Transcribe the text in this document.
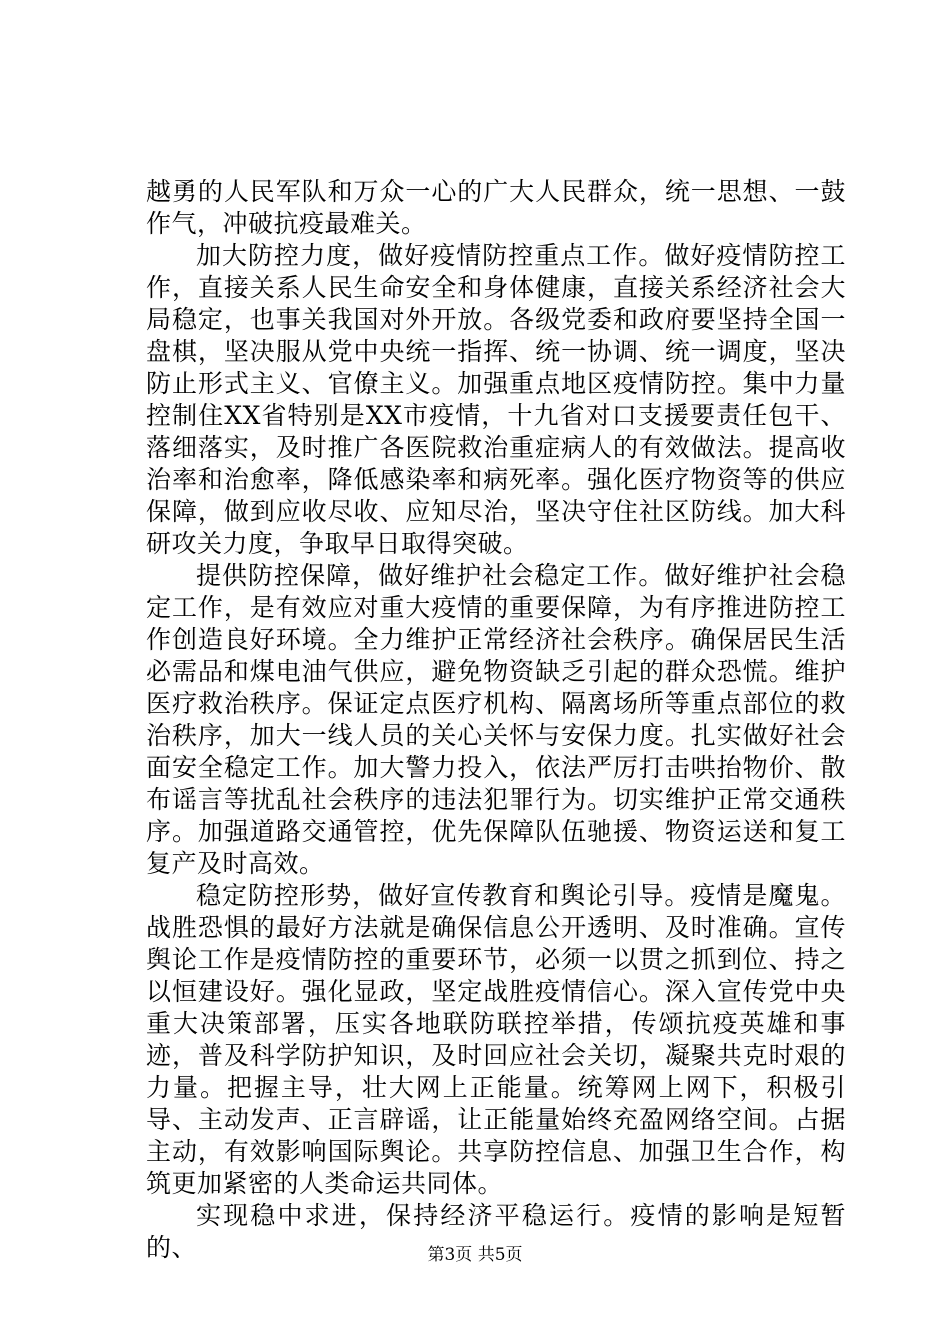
越勇的人民军队和万众一心的广大人民群众，统一思想、一鼓作气，冲破抗疫最难关。

加大防控力度，做好疫情防控重点工作。做好疫情防控工作，直接关系人民生命安全和身体健康，直接关系经济社会大局稳定，也事关我国对外开放。各级党委和政府要坚持全国一盘棋，坚决服从党中央统一指挥、统一协调、统一调度，坚决防止形式主义、官僚主义。加强重点地区疫情防控。集中力量控制住XX省特别是XX市疫情，十九省对口支援要责任包干、落细落实，及时推广各医院救治重症病人的有效做法。提高收治率和治愈率，降低感染率和病死率。强化医疗物资等的供应保障，做到应收尽收、应知尽治，坚决守住社区防线。加大科研攻关力度，争取早日取得突破。

提供防控保障，做好维护社会稳定工作。做好维护社会稳定工作，是有效应对重大疫情的重要保障，为有序推进防控工作创造良好环境。全力维护正常经济社会秩序。确保居民生活必需品和煤电油气供应，避免物资缺乏引起的群众恐慌。维护医疗救治秩序。保证定点医疗机构、隔离场所等重点部位的救治秩序，加大一线人员的关心关怀与安保力度。扎实做好社会面安全稳定工作。加大警力投入，依法严厉打击哄抬物价、散布谣言等扰乱社会秩序的违法犯罪行为。切实维护正常交通秩序。加强道路交通管控，优先保障队伍驰援、物资运送和复工复产及时高效。

稳定防控形势，做好宣传教育和舆论引导。疫情是魔鬼。战胜恐惧的最好方法就是确保信息公开透明、及时准确。宣传舆论工作是疫情防控的重要环节，必须一以贯之抓到位、持之以恒建设好。强化显政，坚定战胜疫情信心。深入宣传党中央重大决策部署，压实各地联防联控举措，传颂抗疫英雄和事迹，普及科学防护知识，及时回应社会关切，凝聚共克时艰的力量。把握主导，壮大网上正能量。统筹网上网下，积极引导、主动发声、正言辟谣，让正能量始终充盈网络空间。占据主动，有效影响国际舆论。共享防控信息、加强卫生合作，构筑更加紧密的人类命运共同体。

实现稳中求进，保持经济平稳运行。疫情的影响是短暂的、	第3页 共5页
